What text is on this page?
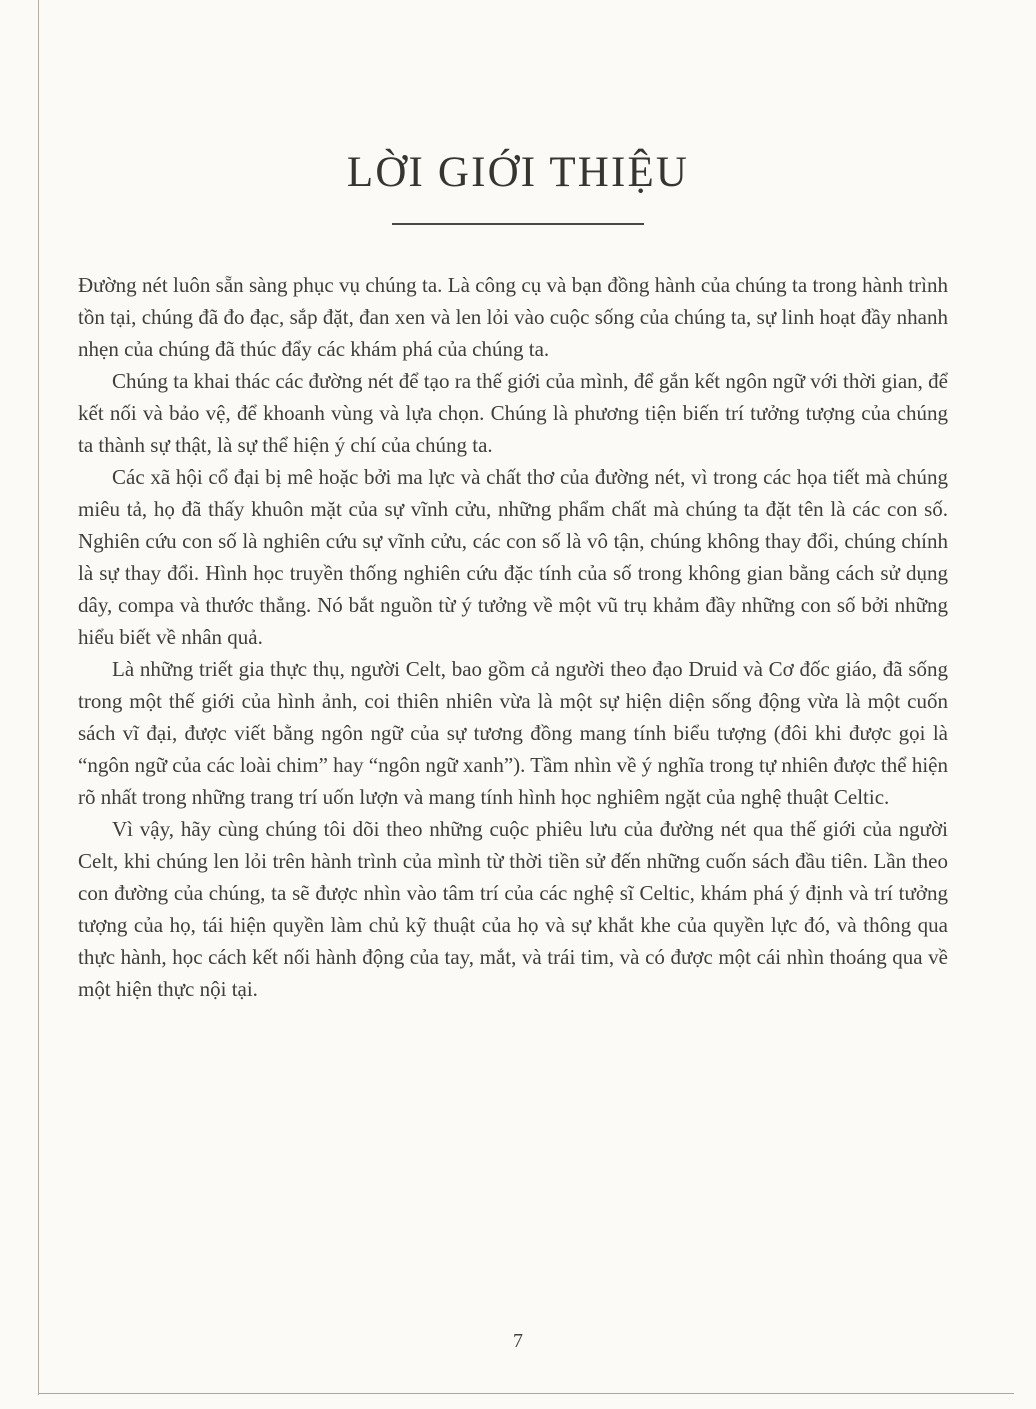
LỜI GIỚI THIỆU

Đường nét luôn sẵn sàng phục vụ chúng ta. Là công cụ và bạn đồng hành của chúng ta trong hành trình tồn tại, chúng đã đo đạc, sắp đặt, đan xen và len lỏi vào cuộc sống của chúng ta, sự linh hoạt đầy nhanh nhẹn của chúng đã thúc đẩy các khám phá của chúng ta.

Chúng ta khai thác các đường nét để tạo ra thế giới của mình, để gắn kết ngôn ngữ với thời gian, để kết nối và bảo vệ, để khoanh vùng và lựa chọn. Chúng là phương tiện biến trí tưởng tượng của chúng ta thành sự thật, là sự thể hiện ý chí của chúng ta.

Các xã hội cổ đại bị mê hoặc bởi ma lực và chất thơ của đường nét, vì trong các họa tiết mà chúng miêu tả, họ đã thấy khuôn mặt của sự vĩnh cửu, những phẩm chất mà chúng ta đặt tên là các con số. Nghiên cứu con số là nghiên cứu sự vĩnh cửu, các con số là vô tận, chúng không thay đổi, chúng chính là sự thay đổi. Hình học truyền thống nghiên cứu đặc tính của số trong không gian bằng cách sử dụng dây, compa và thước thẳng. Nó bắt nguồn từ ý tưởng về một vũ trụ khảm đầy những con số bởi những hiểu biết về nhân quả.

Là những triết gia thực thụ, người Celt, bao gồm cả người theo đạo Druid và Cơ đốc giáo, đã sống trong một thế giới của hình ảnh, coi thiên nhiên vừa là một sự hiện diện sống động vừa là một cuốn sách vĩ đại, được viết bằng ngôn ngữ của sự tương đồng mang tính biểu tượng (đôi khi được gọi là “ngôn ngữ của các loài chim” hay “ngôn ngữ xanh”). Tầm nhìn về ý nghĩa trong tự nhiên được thể hiện rõ nhất trong những trang trí uốn lượn và mang tính hình học nghiêm ngặt của nghệ thuật Celtic.

Vì vậy, hãy cùng chúng tôi dõi theo những cuộc phiêu lưu của đường nét qua thế giới của người Celt, khi chúng len lỏi trên hành trình của mình từ thời tiền sử đến những cuốn sách đầu tiên. Lần theo con đường của chúng, ta sẽ được nhìn vào tâm trí của các nghệ sĩ Celtic, khám phá ý định và trí tưởng tượng của họ, tái hiện quyền làm chủ kỹ thuật của họ và sự khắt khe của quyền lực đó, và thông qua thực hành, học cách kết nối hành động của tay, mắt, và trái tim, và có được một cái nhìn thoáng qua về một hiện thực nội tại.

7
